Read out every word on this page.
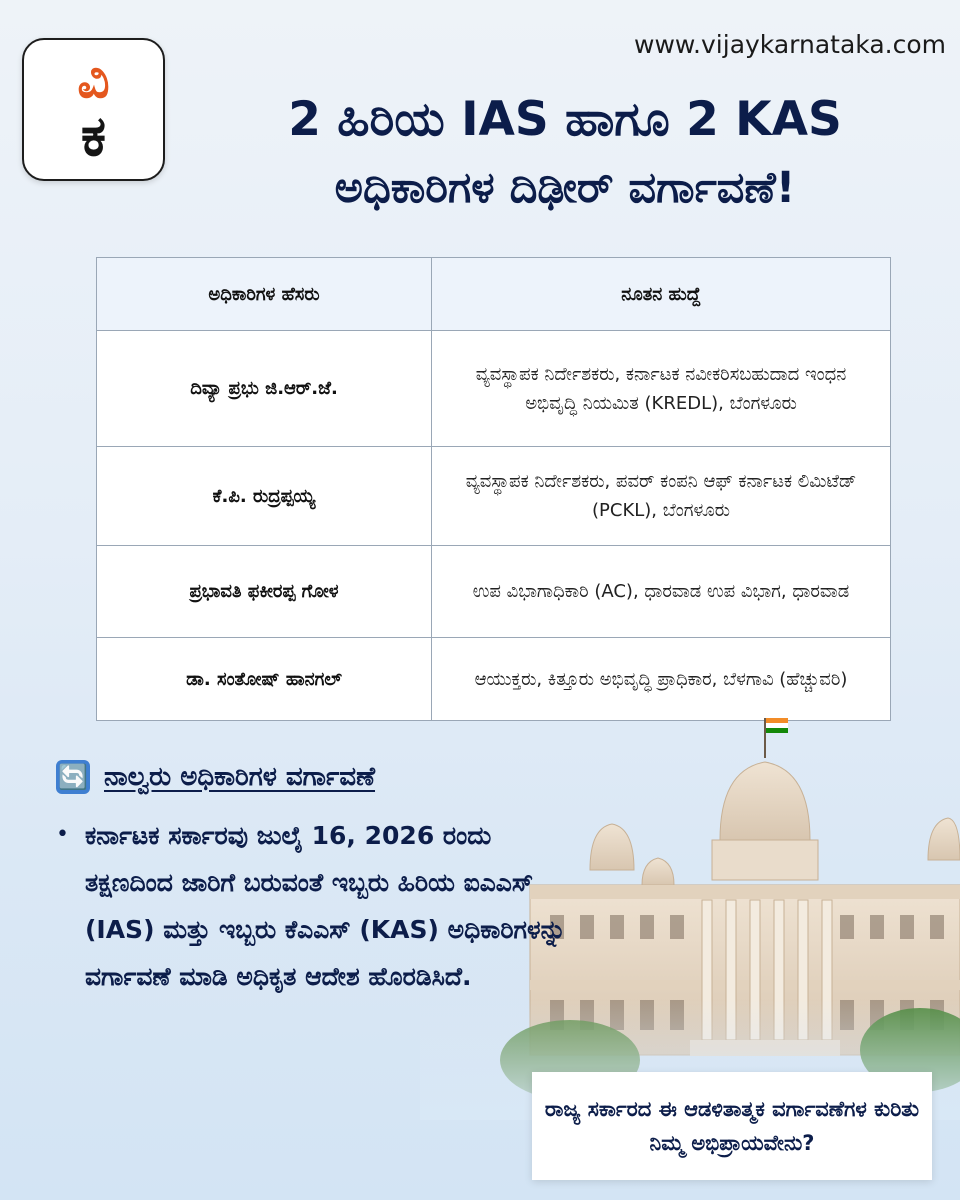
ವಿ
ಕ
www.vijaykarnataka.com
2 ಹಿರಿಯ IAS ಹಾಗೂ 2 KAS
ಅಧಿಕಾರಿಗಳ ದಿಢೀರ್ ವರ್ಗಾವಣೆ!
ಅಧಿಕಾರಿಗಳ ಹೆಸರು	ನೂತನ ಹುದ್ದೆ
ದಿವ್ಯಾ ಪ್ರಭು ಜಿ.ಆರ್.ಜೆ.	ವ್ಯವಸ್ಥಾಪಕ ನಿರ್ದೇಶಕರು, ಕರ್ನಾಟಕ ನವೀಕರಿಸಬಹುದಾದ ಇಂಧನ ಅಭಿವೃದ್ಧಿ ನಿಯಮಿತ (KREDL), ಬೆಂಗಳೂರು
ಕೆ.ಪಿ. ರುದ್ರಪ್ಪಯ್ಯ	ವ್ಯವಸ್ಥಾಪಕ ನಿರ್ದೇಶಕರು, ಪವರ್ ಕಂಪನಿ ಆಫ್ ಕರ್ನಾಟಕ ಲಿಮಿಟೆಡ್ (PCKL), ಬೆಂಗಳೂರು
ಪ್ರಭಾವತಿ ಫಕೀರಪ್ಪ ಗೋಳ	ಉಪ ವಿಭಾಗಾಧಿಕಾರಿ (AC), ಧಾರವಾಡ ಉಪ ವಿಭಾಗ, ಧಾರವಾಡ
ಡಾ. ಸಂತೋಷ್ ಹಾನಗಲ್	ಆಯುಕ್ತರು, ಕಿತ್ತೂರು ಅಭಿವೃದ್ಧಿ ಪ್ರಾಧಿಕಾರ, ಬೆಳಗಾವಿ (ಹೆಚ್ಚುವರಿ)
🔄 ನಾಲ್ವರು ಅಧಿಕಾರಿಗಳ ವರ್ಗಾವಣೆ
• ಕರ್ನಾಟಕ ಸರ್ಕಾರವು ಜುಲೈ 16, 2026 ರಂದು ತಕ್ಷಣದಿಂದ ಜಾರಿಗೆ ಬರುವಂತೆ ಇಬ್ಬರು ಹಿರಿಯ ಐಎಎಸ್ (IAS) ಮತ್ತು ಇಬ್ಬರು ಕೆಎಎಸ್ (KAS) ಅಧಿಕಾರಿಗಳನ್ನು ವರ್ಗಾವಣೆ ಮಾಡಿ ಅಧಿಕೃತ ಆದೇಶ ಹೊರಡಿಸಿದೆ.
ರಾಜ್ಯ ಸರ್ಕಾರದ ಈ ಆಡಳಿತಾತ್ಮಕ ವರ್ಗಾವಣೆಗಳ ಕುರಿತು ನಿಮ್ಮ ಅಭಿಪ್ರಾಯವೇನು?
